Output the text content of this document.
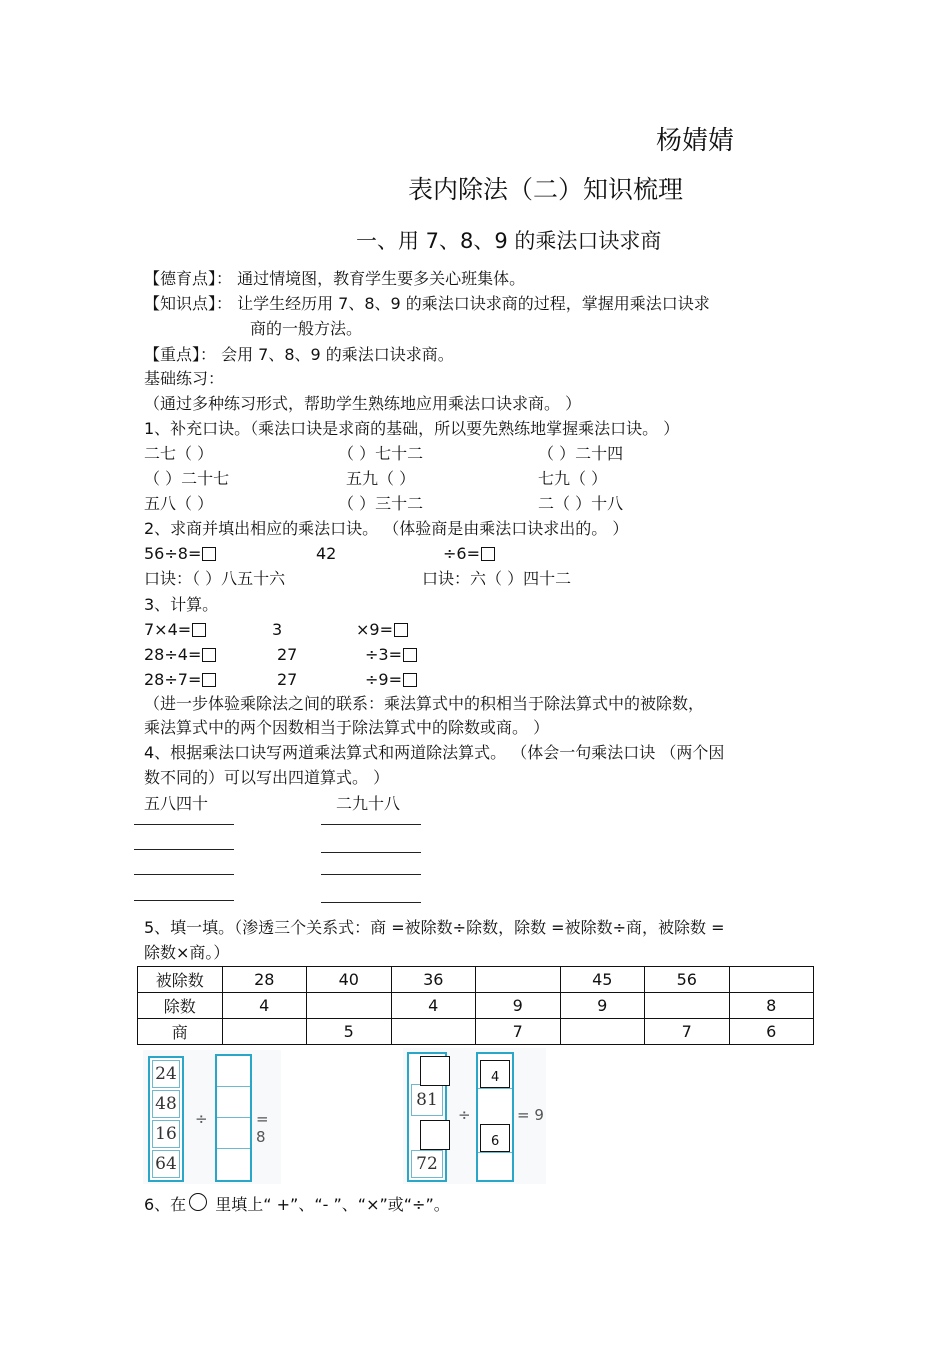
杨婧婧
表内除法（二）知识梳理
一、用 7、8、9 的乘法口诀求商
【德育点】： 通过情境图，教育学生要多关心班集体。
【知识点】： 让学生经历用 7、8、9 的乘法口诀求商的过程，掌握用乘法口诀求
商的一般方法。
【重点】： 会用 7、8、9 的乘法口诀求商。
基础练习：
（通过多种练习形式，帮助学生熟练地应用乘法口诀求商。 ）
1、补充口诀。（乘法口诀是求商的基础，所以要先熟练地掌握乘法口诀。 ）
二七（ ）	（ ）七十二	（ ）二十四
（ ）二十七	五九（ ）	七九（ ）
五八（ ）	（ ）三十二	二（ ）十八
2、求商并填出相应的乘法口诀。 （体验商是由乘法口诀求出的。 ）
56÷8=	42	÷6=
口诀：（ ）八五十六	口诀：六（ ）四十二
3、计算。
7×4=	3	×9=
28÷4=	27	÷3=
28÷7=	27	÷9=
（进一步体验乘除法之间的联系：乘法算式中的积相当于除法算式中的被除数，
乘法算式中的两个因数相当于除法算式中的除数或商。 ）
4、根据乘法口诀写两道乘法算式和两道除法算式。 （体会一句乘法口诀 （两个因
数不同的）可以写出四道算式。 ）
五八四十	二九十八
5、填一填。（渗透三个关系式：商 =被除数÷除数，除数 =被除数÷商，被除数 =
除数×商。）
被除数	28	40	36		45	56	
除数	4		4	9	9		8
商		5		7		7	6
24
48
16
64
÷	= 8
81
72
÷
4
6
= 9
6、在 里填上“ +”、“- ”、“×”或“÷”。
